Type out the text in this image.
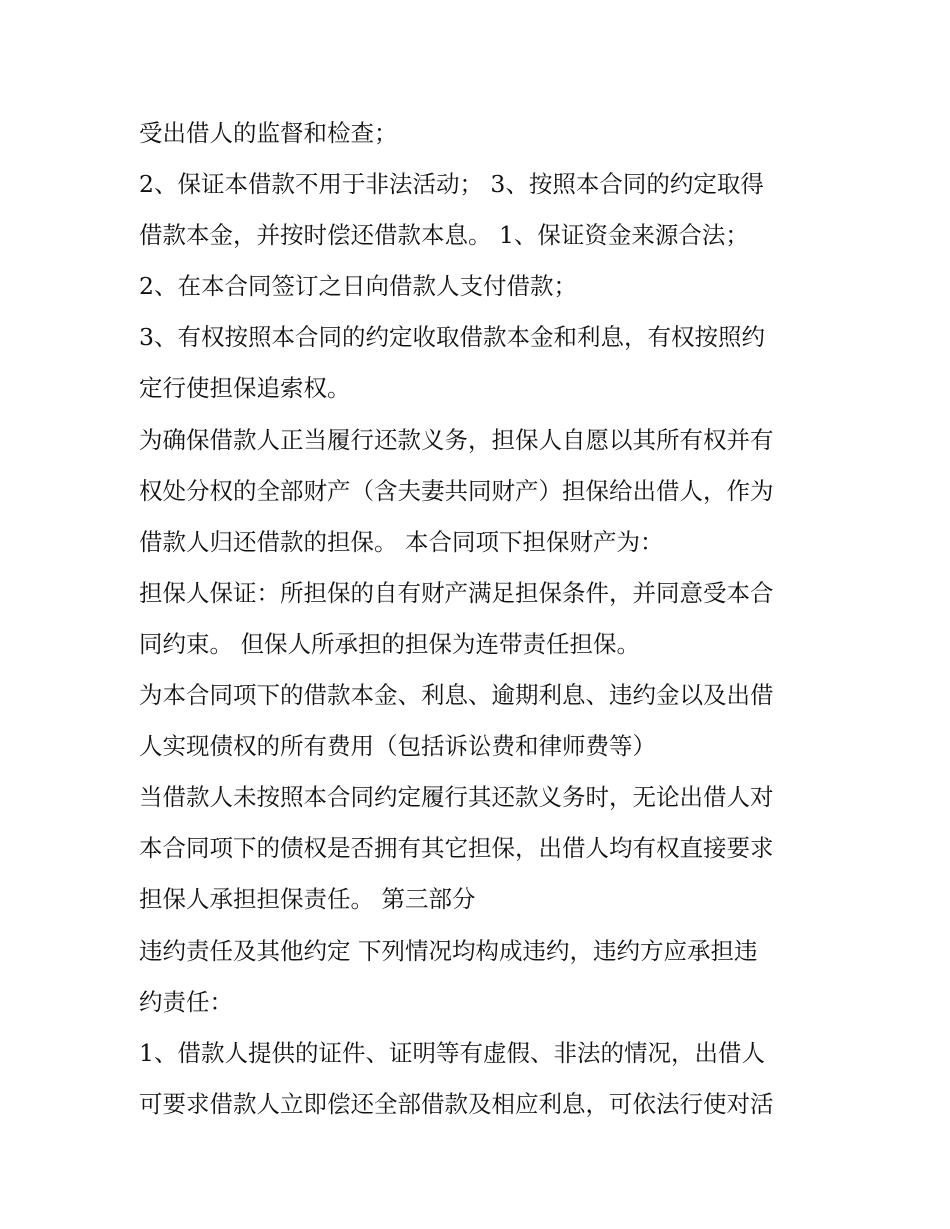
受出借人的监督和检查；
2、保证本借款不用于非法活动； 3、按照本合同的约定取得
借款本金，并按时偿还借款本息。 1、保证资金来源合法；
2、在本合同签订之日向借款人支付借款；
3、有权按照本合同的约定收取借款本金和利息，有权按照约
定行使担保追索权。
为确保借款人正当履行还款义务，担保人自愿以其所有权并有
权处分权的全部财产（含夫妻共同财产）担保给出借人，作为
借款人归还借款的担保。 本合同项下担保财产为：
担保人保证：所担保的自有财产满足担保条件，并同意受本合
同约束。 但保人所承担的担保为连带责任担保。
为本合同项下的借款本金、利息、逾期利息、违约金以及出借
人实现债权的所有费用（包括诉讼费和律师费等）
当借款人未按照本合同约定履行其还款义务时，无论出借人对
本合同项下的债权是否拥有其它担保，出借人均有权直接要求
担保人承担担保责任。 第三部分
违约责任及其他约定 下列情况均构成违约，违约方应承担违
约责任：
1、借款人提供的证件、证明等有虚假、非法的情况，出借人
可要求借款人立即偿还全部借款及相应利息，可依法行使对活
